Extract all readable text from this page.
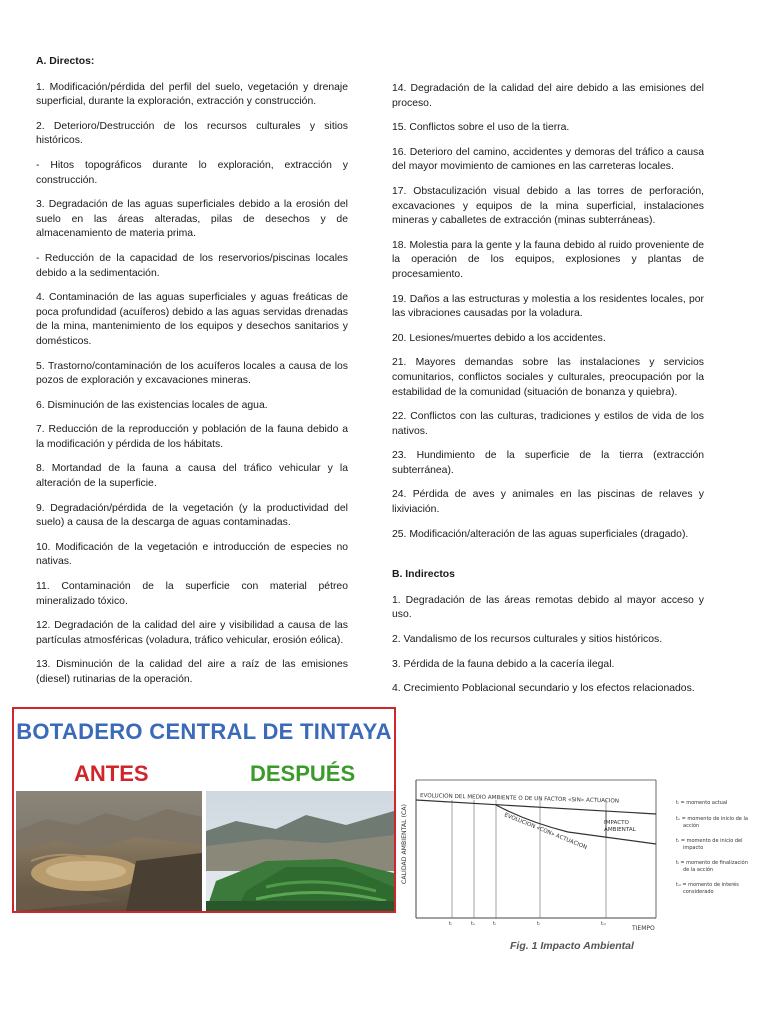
A. Directos:

1. Modificación/pérdida del perfil del suelo, vegetación y drenaje superficial, durante la exploración, extracción y construcción.

2. Deterioro/Destrucción de los recursos culturales y sitios históricos.

- Hitos topográficos durante lo exploración, extracción y construcción.

3. Degradación de las aguas superficiales debido a la erosión del suelo en las áreas alteradas, pilas de desechos y de almacenamiento de materia prima.

- Reducción de la capacidad de los reservorios/piscinas locales debido a la sedimentación.

4. Contaminación de las aguas superficiales y aguas freáticas de poca profundidad (acuíferos) debido a las aguas servidas drenadas de la mina, mantenimiento de los equipos y desechos sanitarios y domésticos.

5. Trastorno/contaminación de los acuíferos locales a causa de los pozos de exploración y excavaciones mineras.

6. Disminución de las existencias locales de agua.

7. Reducción de la reproducción y población de la fauna debido a la modificación y pérdida de los hábitats.

8. Mortandad de la fauna a causa del tráfico vehicular y la alteración de la superficie.

9. Degradación/pérdida de la vegetación (y la productividad del suelo) a causa de la descarga de aguas contaminadas.

10. Modificación de la vegetación e introducción de especies no nativas.

11. Contaminación de la superficie con material pétreo mineralizado tóxico.

12. Degradación de la calidad del aire y visibilidad a causa de las partículas atmosféricas (voladura, tráfico vehicular, erosión eólica).

13. Disminución de la calidad del aire a raíz de las emisiones (diesel) rutinarias de la operación.

14. Degradación de la calidad del aire debido a las emisiones del proceso.

15. Conflictos sobre el uso de la tierra.

16. Deterioro del camino, accidentes y demoras del tráfico a causa del mayor movimiento de camiones en las carreteras locales.

17. Obstaculización visual debido a las torres de perforación, excavaciones y equipos de la mina superficial, instalaciones mineras y caballetes de extracción (minas subterráneas).

18. Molestia para la gente y la fauna debido al ruido proveniente de la operación de los equipos, explosiones y plantas de procesamiento.

19. Daños a las estructuras y molestia a los residentes locales, por las vibraciones causadas por la voladura.

20. Lesiones/muertes debido a los accidentes.

21. Mayores demandas sobre las instalaciones y servicios comunitarios, conflictos sociales y culturales, preocupación por la estabilidad de la comunidad (situación de bonanza y quiebra).

22. Conflictos con las culturas, tradiciones y estilos de vida de los nativos.

23. Hundimiento de la superficie de la tierra (extracción subterránea).

24. Pérdida de aves y animales en las piscinas de relaves y lixiviación.

25. Modificación/alteración de las aguas superficiales (dragado).

B. Indirectos

1. Degradación de las áreas remotas debido al mayor acceso y uso.

2. Vandalismo de los recursos culturales y sitios históricos.

3. Pérdida de la fauna debido a la cacería ilegal.

4. Crecimiento Poblacional secundario y los efectos relacionados.

BOTADERO CENTRAL DE TINTAYA
ANTES	DESPUÉS
CALIDAD AMBIENTAL (CA)
EVOLUCION DEL MEDIO AMBIENTE O DE UN FACTOR «SIN» ACTUACION
EVOLUCION «CON» ACTUACION	IMPACTO
AMBIENTAL
tᵢ	tₒ	tᵣ	tₗ	tₙₗ
TIEMPO
tᵢ = momento actual
tₒ = momento de inicio de la
acción
tᵣ = momento de inicio del
impacto
tₗ = momento de finalización
de la acción
tₙₗ = momento de interés
considerado
Fig. 1 Impacto Ambiental
